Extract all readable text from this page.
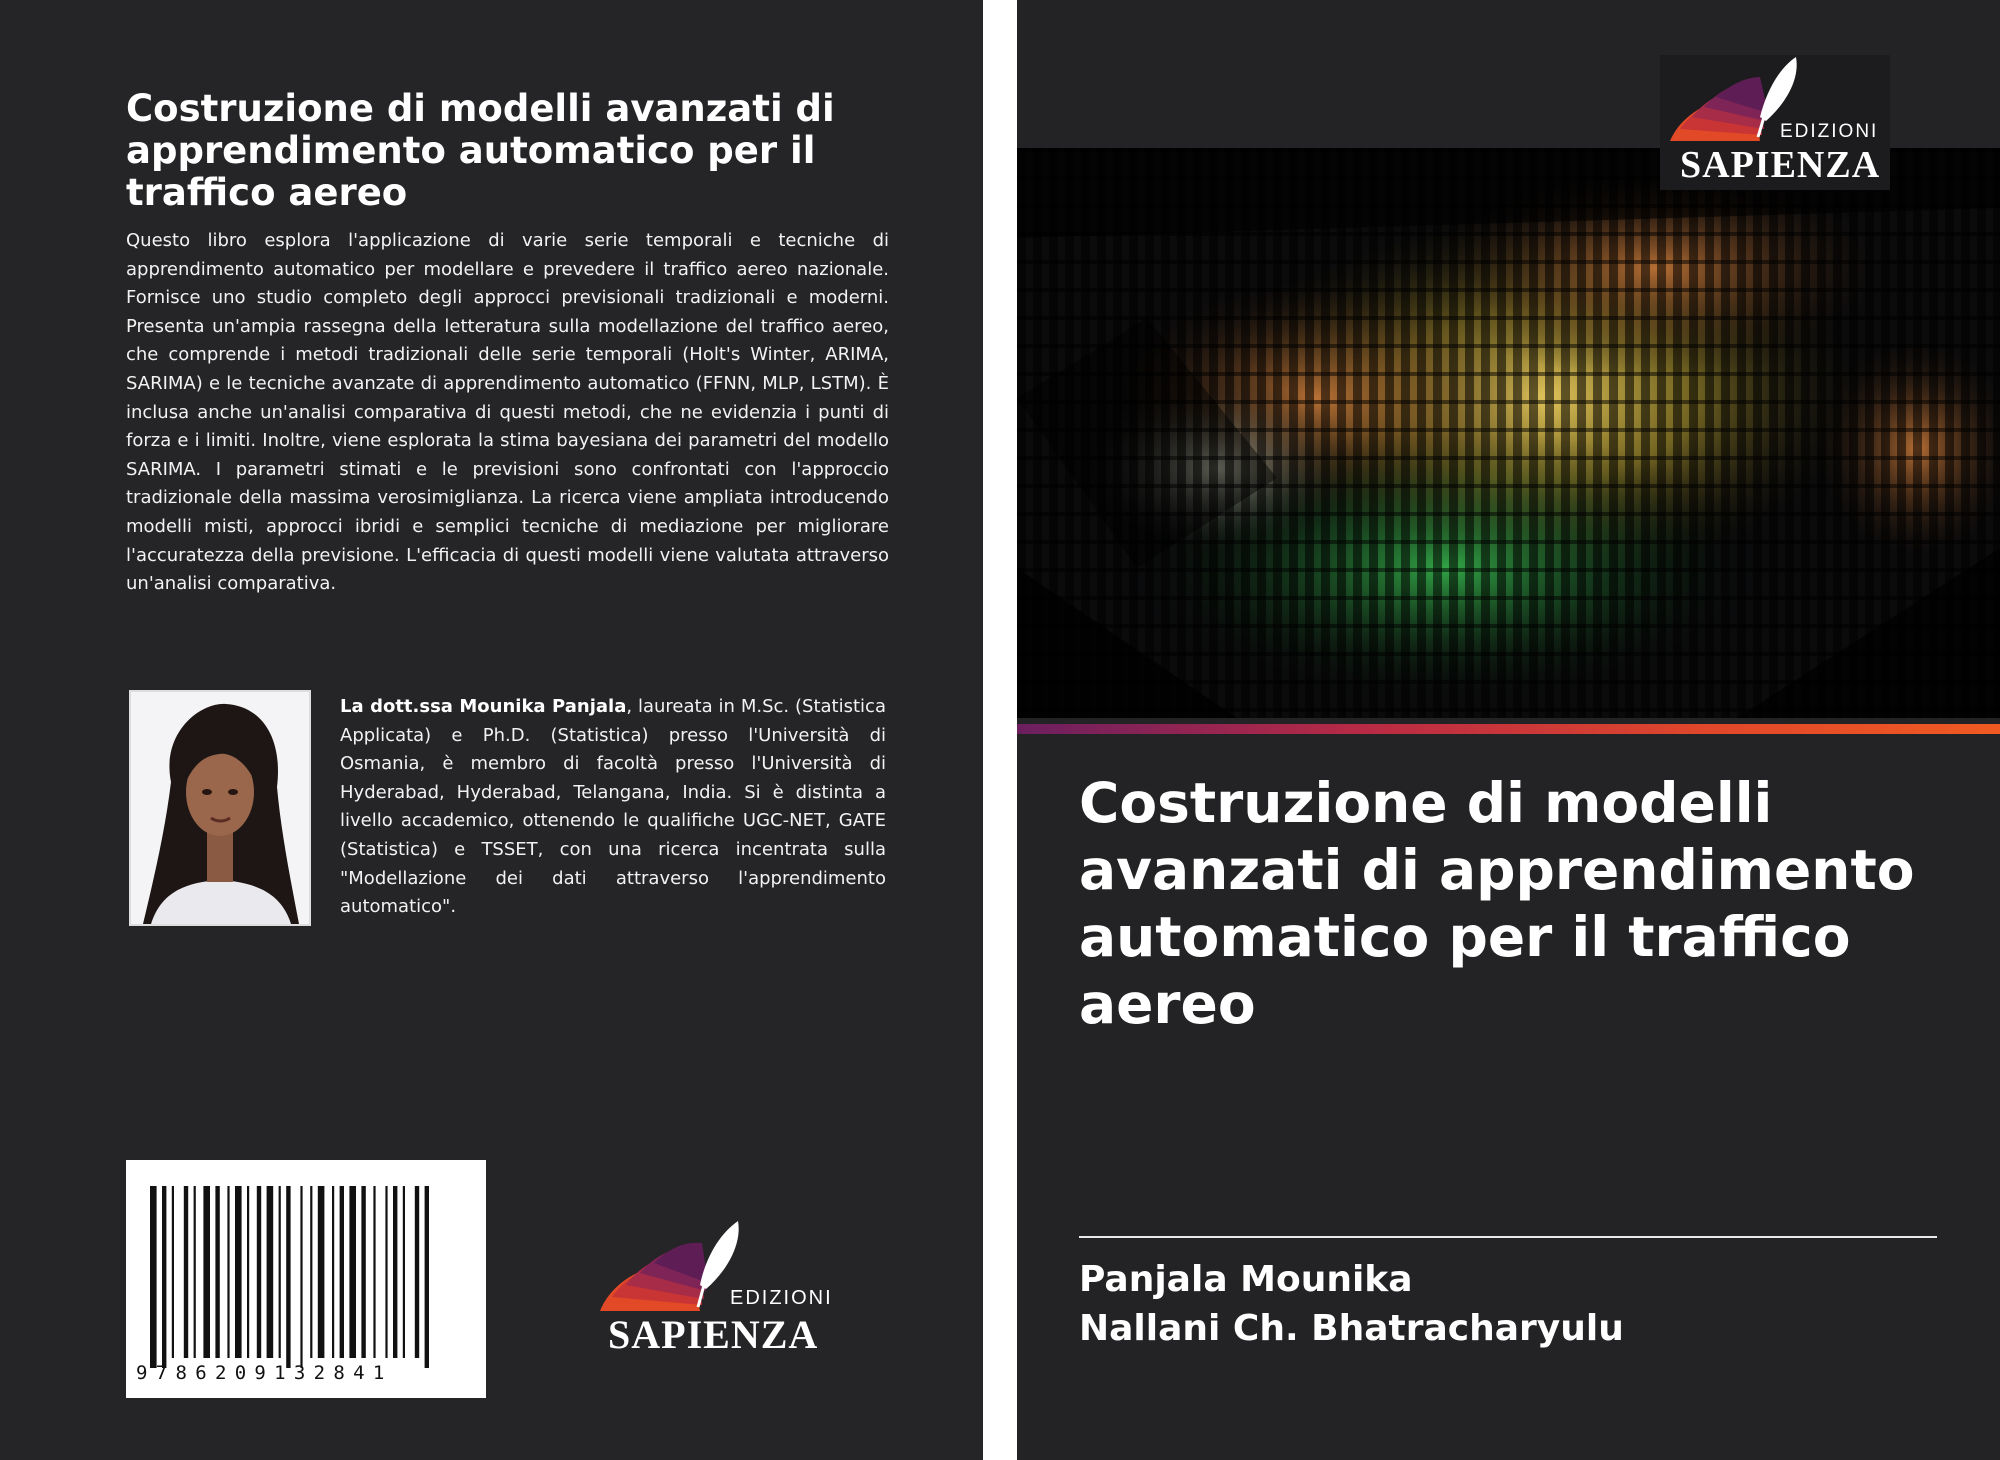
Costruzione di modelli avanzati di apprendimento automatico per il traffico aereo

Questo libro esplora l'applicazione di varie serie temporali e tecniche di apprendimento automatico per modellare e prevedere il traffico aereo nazionale. Fornisce uno studio completo degli approcci previsionali tradizionali e moderni. Presenta un'ampia rassegna della letteratura sulla modellazione del traffico aereo, che comprende i metodi tradizionali delle serie temporali (Holt's Winter, ARIMA, SARIMA) e le tecniche avanzate di apprendimento automatico (FFNN, MLP, LSTM). È inclusa anche un'analisi comparativa di questi metodi, che ne evidenzia i punti di forza e i limiti. Inoltre, viene esplorata la stima bayesiana dei parametri del modello SARIMA. I parametri stimati e le previsioni sono confrontati con l'approccio tradizionale della massima verosimiglianza. La ricerca viene ampliata introducendo modelli misti, approcci ibridi e semplici tecniche di mediazione per migliorare l'accuratezza della previsione. L'efficacia di questi modelli viene valutata attraverso un'analisi comparativa.

La dott.ssa Mounika Panjala, laureata in M.Sc. (Statistica Applicata) e Ph.D. (Statistica) presso l'Università di Osmania, è membro di facoltà presso l'Università di Hyderabad, Hyderabad, Telangana, India. Si è distinta a livello accademico, ottenendo le qualifiche UGC-NET, GATE (Statistica) e TSSET, con una ricerca incentrata sulla "Modellazione dei dati attraverso l'apprendimento automatico".

9786209132841
EDIZIONI
SAPIENZA
EDIZIONI
SAPIENZA
Costruzione di modelli avanzati di apprendimento automatico per il traffico aereo

Panjala Mounika

Nallani Ch. Bhatracharyulu
